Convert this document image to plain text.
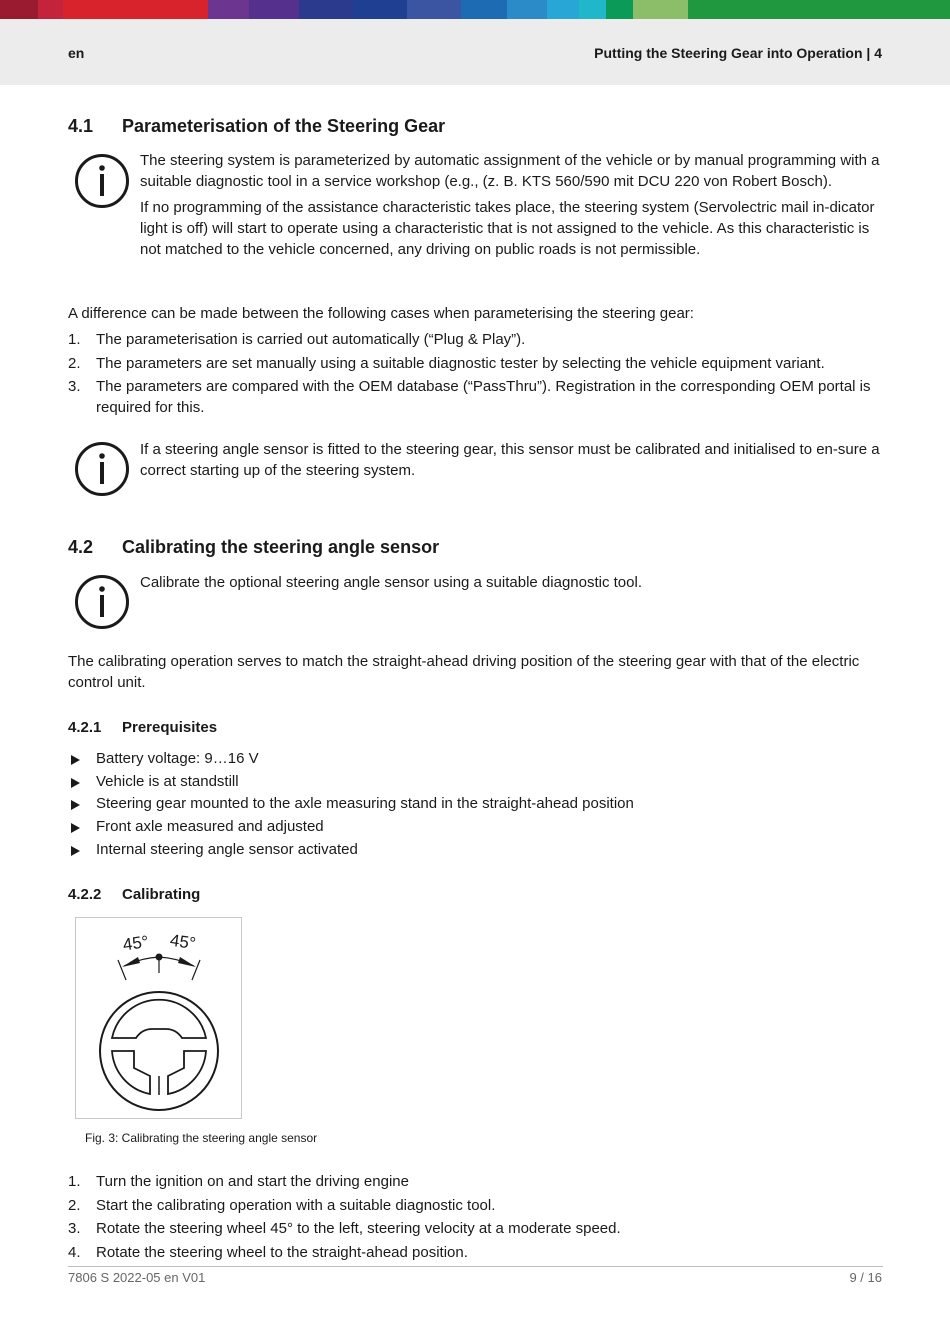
en	Putting the Steering Gear into Operation | 4
4.1 Parameterisation of the Steering Gear

The steering system is parameterized by automatic assignment of the vehicle or by manual programming with a suitable diagnostic tool in a service workshop (e.g., (z. B. KTS 560/590 mit DCU 220 von Robert Bosch).

If no programming of the assistance characteristic takes place, the steering system (Servolectric mail in-dicator light is off) will start to operate using a characteristic that is not assigned to the vehicle. As this characteristic is not matched to the vehicle concerned, any driving on public roads is not permissible.

A difference can be made between the following cases when parameterising the steering gear:
1. The parameterisation is carried out automatically (“Plug & Play”).
2. The parameters are set manually using a suitable diagnostic tester by selecting the vehicle equipment variant.
3. The parameters are compared with the OEM database (“PassThru”). Registration in the corresponding OEM portal is required for this.

If a steering angle sensor is fitted to the steering gear, this sensor must be calibrated and initialised to en-sure a correct starting up of the steering system.

4.2 Calibrating the steering angle sensor

Calibrate the optional steering angle sensor using a suitable diagnostic tool.

The calibrating operation serves to match the straight-ahead driving position of the steering gear with that of the electric control unit.
4.2.1 Prerequisites
Battery voltage: 9…16 V
Vehicle is at standstill
Steering gear mounted to the axle measuring stand in the straight-ahead position
Front axle measured and adjusted
Internal steering angle sensor activated
4.2.2 Calibrating
45° 45°
Fig. 3: Calibrating the steering angle sensor
1. Turn the ignition on and start the driving engine
2. Start the calibrating operation with a suitable diagnostic tool.
3. Rotate the steering wheel 45° to the left, steering velocity at a moderate speed.
4. Rotate the steering wheel to the straight-ahead position.
7806 S 2022-05 en V01	9 / 16
